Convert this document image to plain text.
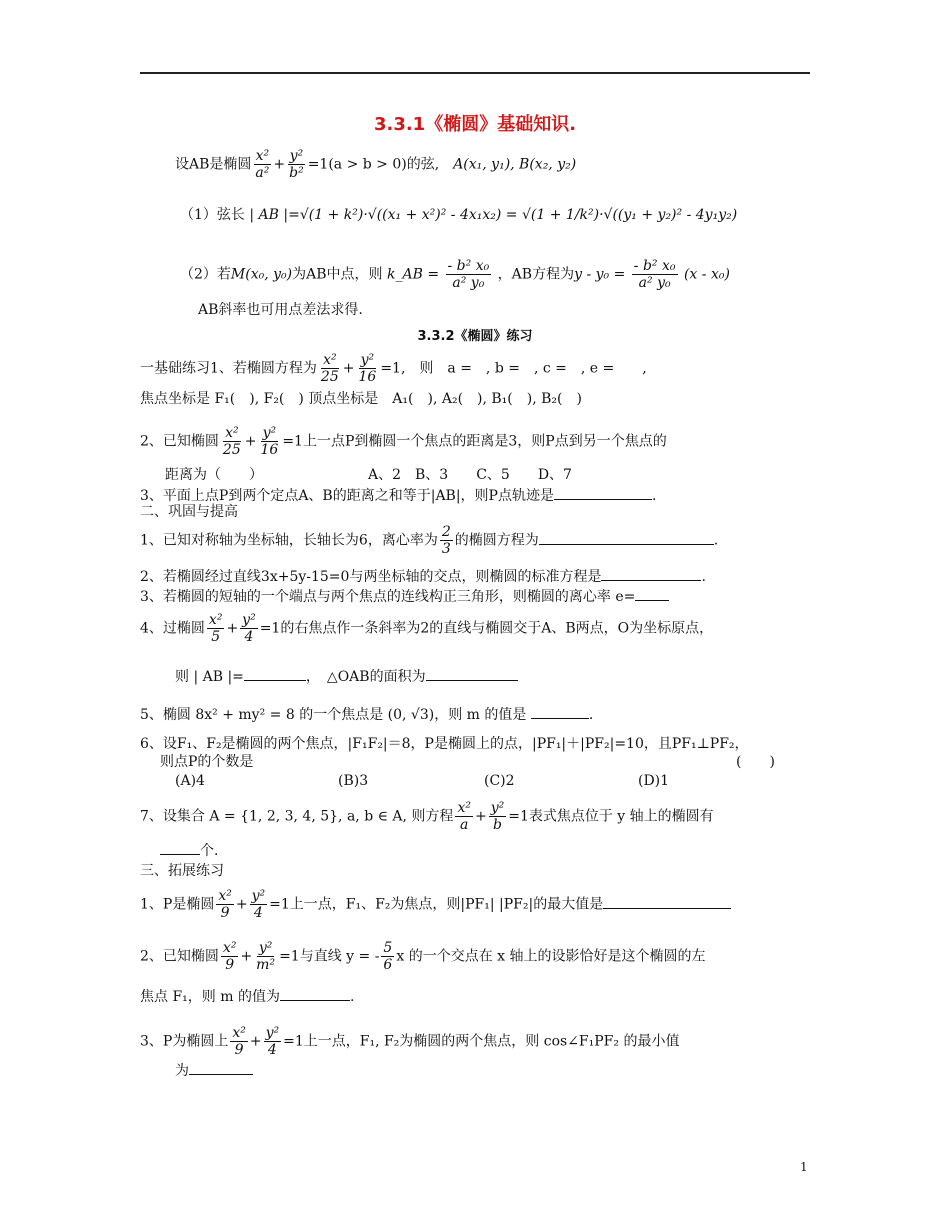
3.3.1《椭圆》基础知识.
设AB是椭圆 $\frac{\text{x²}}{\text{a²}} + \frac{\text{y²}}{\text{b²}} =1(a > b > 0)$的弦,　 A(x₁, y₁), B(x₂, y₂)
（1）弦长 | AB |=√(1 + k²)·√((x₁ + x²)² - 4x₁x₂) = √(1 + 1/k²)·√((y₁ + y₂)² - 4y₁y₂)
（2）若M(x₀, y₀)为AB中点，则 k_AB = $\frac{\text{- b² x₀}}{\text{a² y₀}}$ ，AB方程为$y - y_0 = \frac{\text{- b² x₀}}{\text{a² y₀}} (x - x_0)$
AB斜率也可用点差法求得.
3.3.2《椭圆》练习
一基础练习1、若椭圆方程为 $\frac{\text{x²}}{25} + \frac{\text{y²}}{16} =1$,　则　a =　, b =　, c =　, e =　　,
焦点坐标是 F₁(　), F₂(　) 顶点坐标是　A₁(　), A₂(　), B₁(　), B₂(　)
2、已知椭圆 $\frac{\text{x²}}{25} + \frac{\text{y²}}{16} =1$上一点P到椭圆一个焦点的距离是3，则P点到另一个焦点的
距离为（　　）	A、2　B、3　　C、5　　D、7
3、平面上点P到两个定点A、B的距离之和等于|AB|，则P点轨迹是	.
二、巩固与提高
1、已知对称轴为坐标轴，长轴长为6，离心率为 $\frac{2}{3}$ 的椭圆方程为	.
2、若椭圆经过直线3x+5y-15=0与两坐标轴的交点，则椭圆的标准方程是	.
3、若椭圆的短轴的一个端点与两个焦点的连线构正三角形，则椭圆的离心率 e=
4、过椭圆 $\frac{\text{x²}}{5} + \frac{\text{y²}}{4} =1$的右焦点作一条斜率为2的直线与椭圆交于A、B两点，O为坐标原点，
则 | AB |=	，　△OAB的面积为
5、椭圆 8x² + my² = 8 的一个焦点是 (0, √3)，则 m 的值是	.
6、设F₁、F₂是椭圆的两个焦点，|F₁F₂|＝8，P是椭圆上的点，|PF₁|＋|PF₂|=10，且PF₁⊥PF₂，
则点P的个数是	(　　)
(A)4	(B)3	(C)2	(D)1
7、设集合 A = {1, 2, 3, 4, 5}, a, b ∈ A, 则方程 $\frac{\text{x²}}{a} + \frac{\text{y²}}{b} =1$表式焦点位于 y 轴上的椭圆有
个.
三、拓展练习
1、P是椭圆 $\frac{\text{x²}}{9} + \frac{\text{y²}}{4} =1$上一点，F₁、F₂为焦点，则|PF₁| |PF₂|的最大值是
2、已知椭圆 $\frac{\text{x²}}{9} + \frac{\text{y²}}{\text{m²}} =1$与直线 y = - $\frac{5}{6}$ x 的一个交点在 x 轴上的设影恰好是这个椭圆的左
焦点 F₁，则 m 的值为	.
3、P为椭圆上 $\frac{\text{x²}}{9} + \frac{\text{y²}}{4} =1$上一点，F₁, F₂为椭圆的两个焦点，则 cos∠F₁PF₂ 的最小值
为
1
